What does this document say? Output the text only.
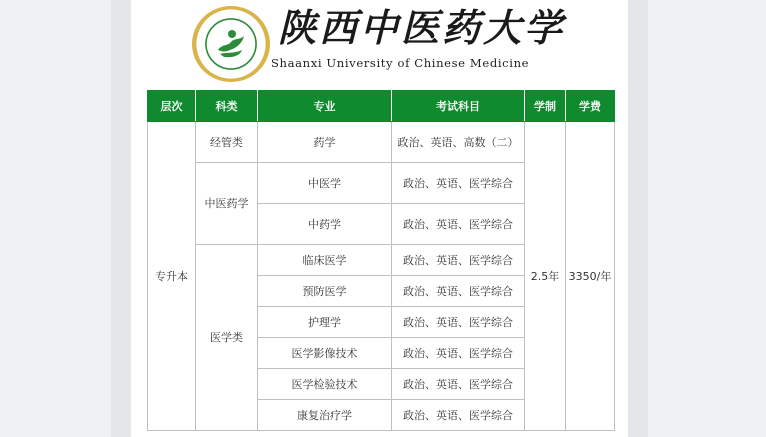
陕西中医药大学
Shaanxi University of Chinese Medicine
层次	科类	专业	考试科目	学制	学费
专升本	经管类	药学	政治、英语、高数（二）	2.5年	3350/年
	中医药学	中医学	政治、英语、医学综合		
		中药学	政治、英语、医学综合		
	医学类	临床医学	政治、英语、医学综合		
		预防医学	政治、英语、医学综合		
		护理学	政治、英语、医学综合		
		医学影像技术	政治、英语、医学综合		
		医学检验技术	政治、英语、医学综合		
		康复治疗学	政治、英语、医学综合		
